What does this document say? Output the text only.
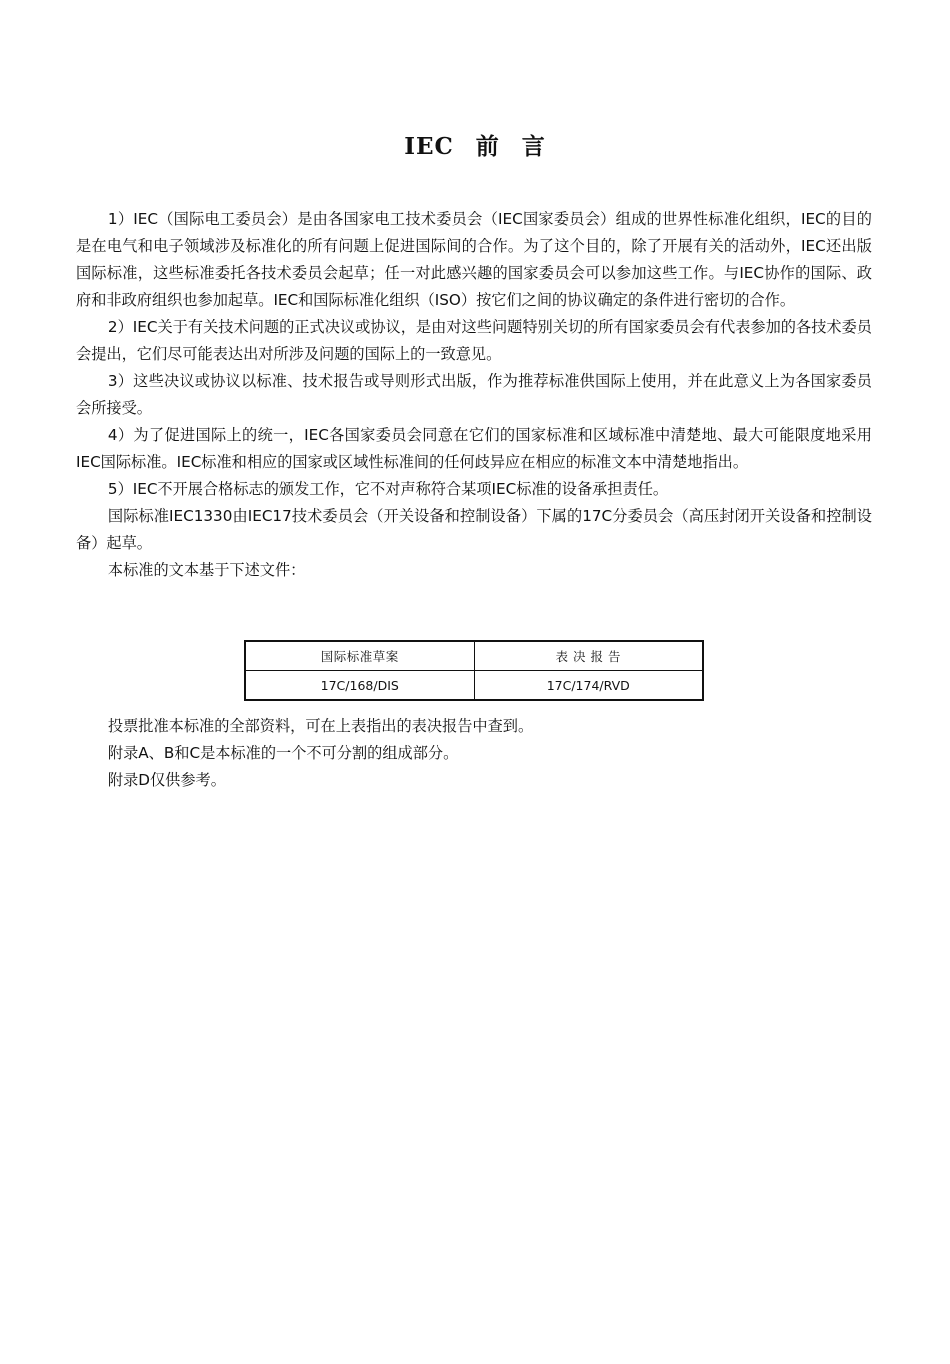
IEC 前 言

1）IEC（国际电工委员会）是由各国家电工技术委员会（IEC国家委员会）组成的世界性标准化组织，IEC的目的是在电气和电子领域涉及标准化的所有问题上促进国际间的合作。为了这个目的，除了开展有关的活动外，IEC还出版国际标准，这些标准委托各技术委员会起草；任一对此感兴趣的国家委员会可以参加这些工作。与IEC协作的国际、政府和非政府组织也参加起草。IEC和国际标准化组织（ISO）按它们之间的协议确定的条件进行密切的合作。

2）IEC关于有关技术问题的正式决议或协议，是由对这些问题特别关切的所有国家委员会有代表参加的各技术委员会提出，它们尽可能表达出对所涉及问题的国际上的一致意见。

3）这些决议或协议以标准、技术报告或导则形式出版，作为推荐标准供国际上使用，并在此意义上为各国家委员会所接受。

4）为了促进国际上的统一，IEC各国家委员会同意在它们的国家标准和区域标准中清楚地、最大可能限度地采用IEC国际标准。IEC标准和相应的国家或区域性标准间的任何歧异应在相应的标准文本中清楚地指出。

5）IEC不开展合格标志的颁发工作，它不对声称符合某项IEC标准的设备承担责任。

国际标准IEC1330由IEC17技术委员会（开关设备和控制设备）下属的17C分委员会（高压封闭开关设备和控制设备）起草。

本标准的文本基于下述文件：

国际标准草案	表 决 报 告
17C/168/DIS	17C/174/RVD

投票批准本标准的全部资料，可在上表指出的表决报告中查到。

附录A、B和C是本标准的一个不可分割的组成部分。

附录D仅供参考。
